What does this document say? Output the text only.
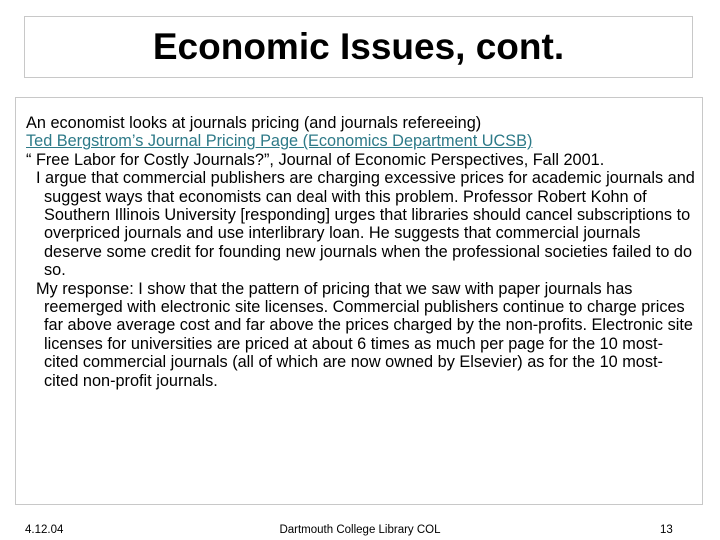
Economic Issues, cont.

An economist looks at journals pricing (and journals refereeing)

Ted Bergstrom’s Journal Pricing Page (Economics Department UCSB)

“ Free Labor for Costly Journals?”, Journal of Economic Perspectives, Fall 2001.

I argue that commercial publishers are charging excessive prices for academic journals and suggest ways that economists can deal with this problem. Professor Robert Kohn of Southern Illinois University [responding] urges that libraries should cancel subscriptions to overpriced journals and use interlibrary loan. He suggests that commercial journals deserve some credit for founding new journals when the professional societies failed to do so.

My response: I show that the pattern of pricing that we saw with paper journals has reemerged with electronic site licenses. Commercial publishers continue to charge prices far above average cost and far above the prices charged by the non-profits. Electronic site licenses for universities are priced at about 6 times as much per page for the 10 most-cited commercial journals (all of which are now owned by Elsevier) as for the 10 most-cited non-profit journals.

4.12.04	Dartmouth College Library COL	13
